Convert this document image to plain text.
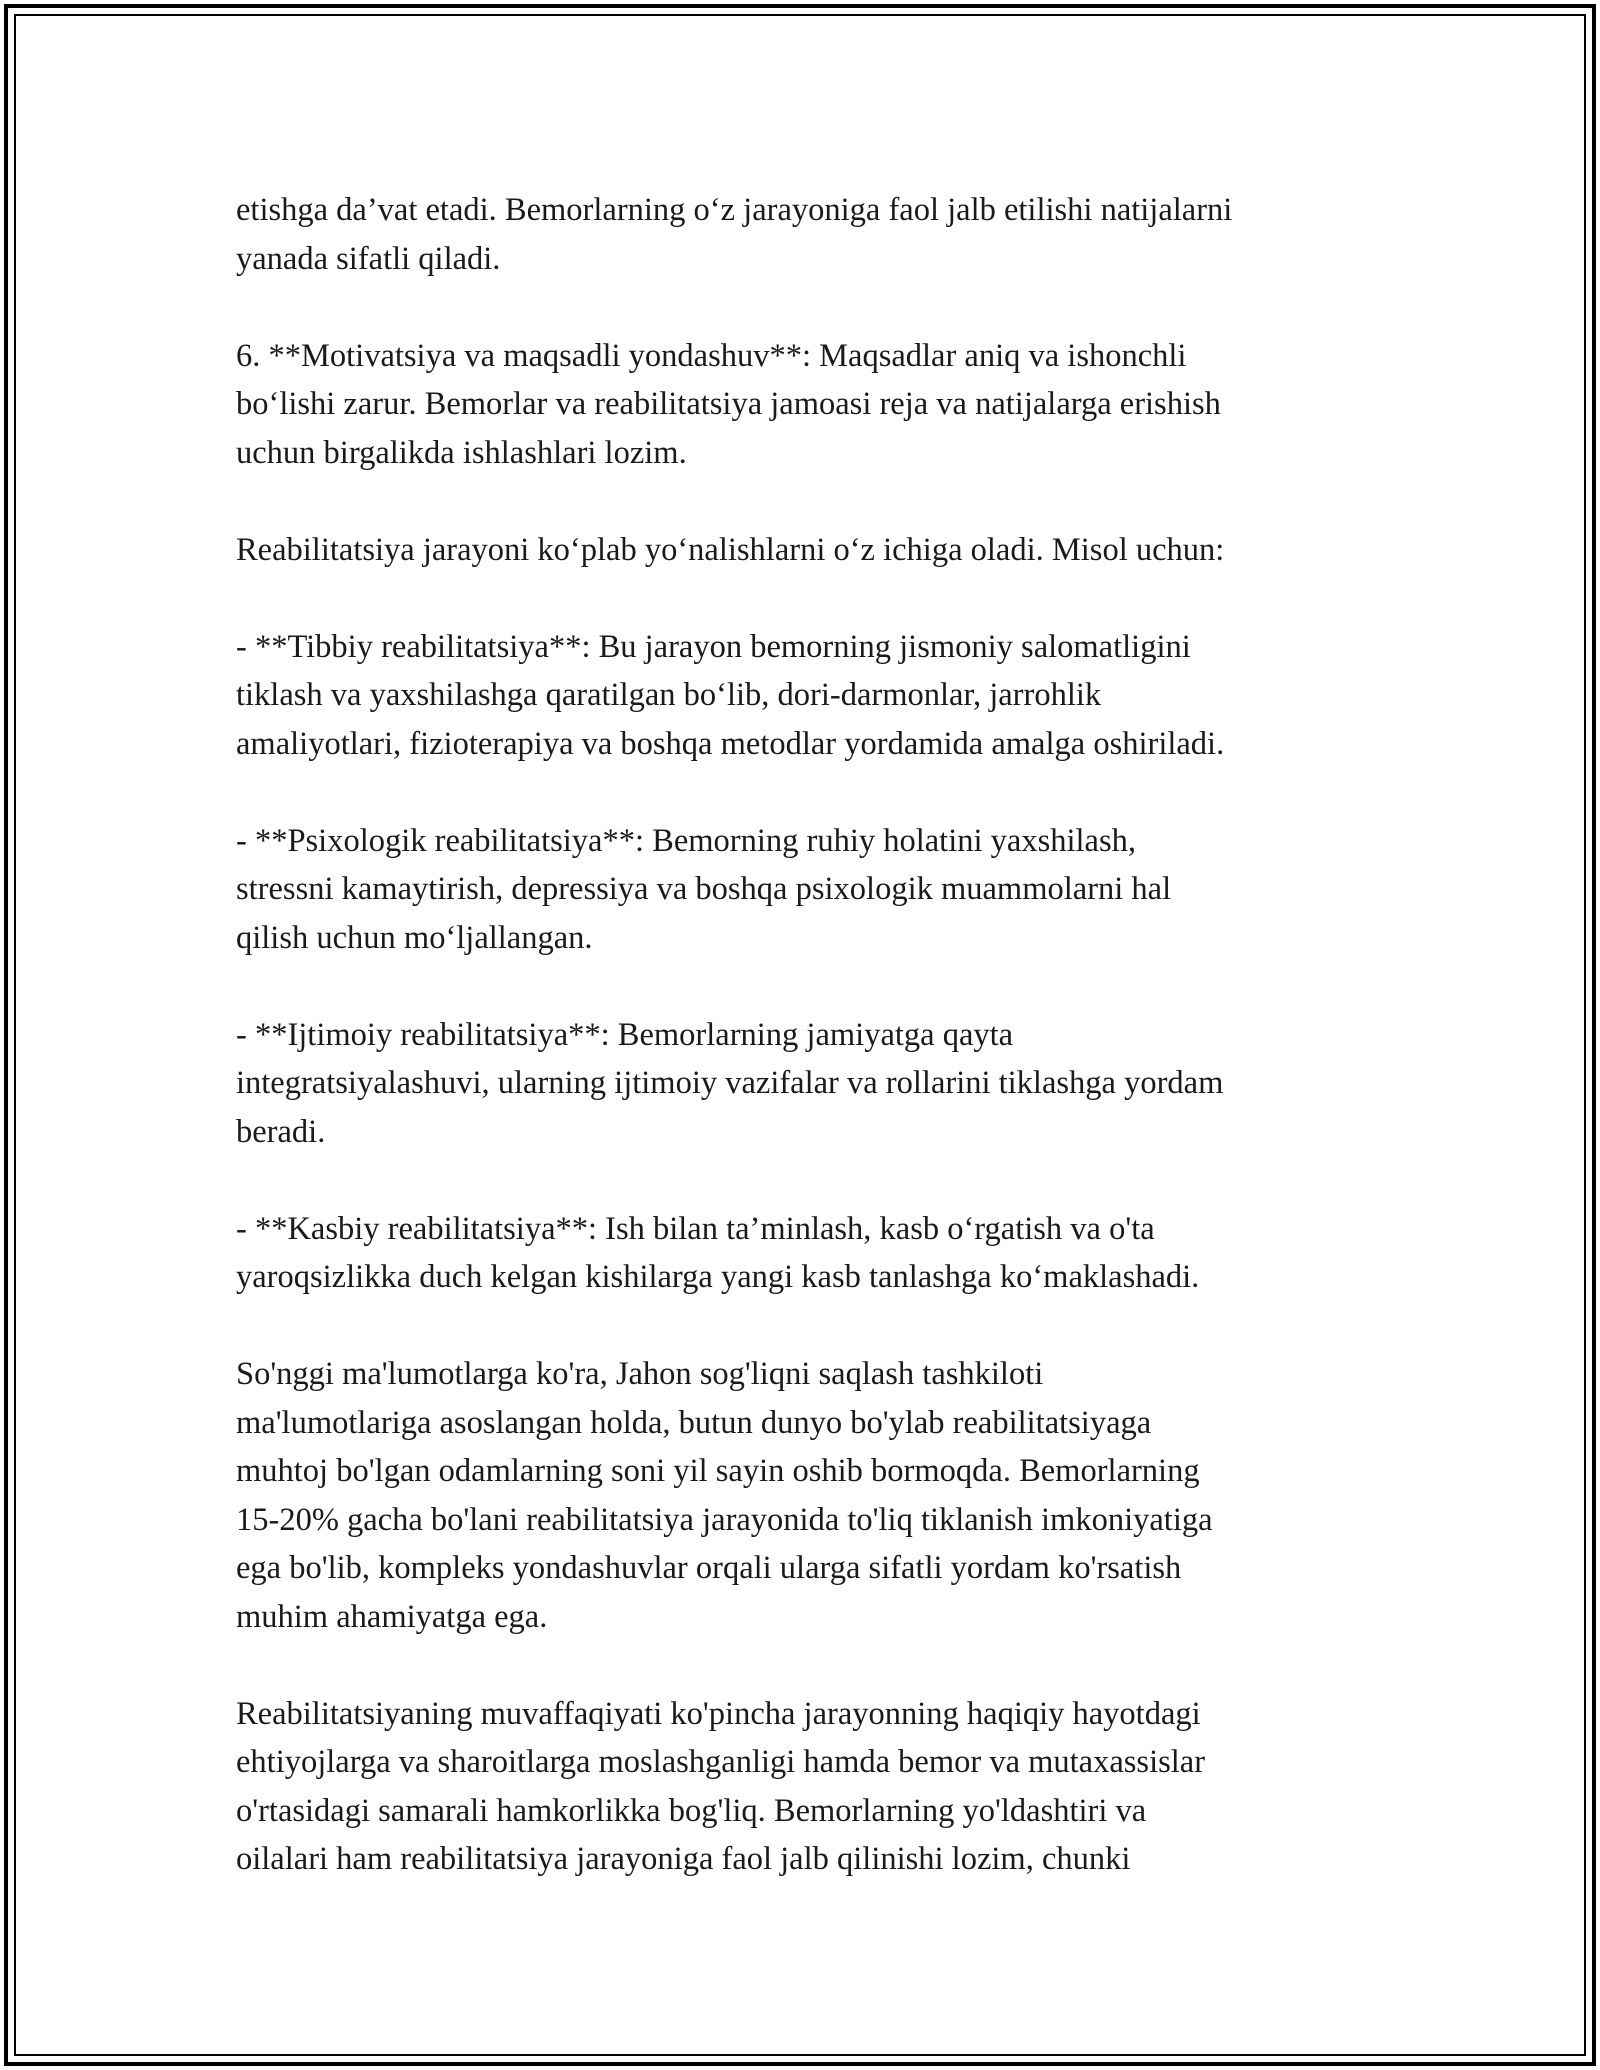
etishga da’vat etadi. Bemorlarning o‘z jarayoniga faol jalb etilishi natijalarni
yanada sifatli qiladi.

6. **Motivatsiya va maqsadli yondashuv**: Maqsadlar aniq va ishonchli
bo‘lishi zarur. Bemorlar va reabilitatsiya jamoasi reja va natijalarga erishish
uchun birgalikda ishlashlari lozim.

Reabilitatsiya jarayoni ko‘plab yo‘nalishlarni o‘z ichiga oladi. Misol uchun:

- **Tibbiy reabilitatsiya**: Bu jarayon bemorning jismoniy salomatligini
tiklash va yaxshilashga qaratilgan bo‘lib, dori-darmonlar, jarrohlik
amaliyotlari, fizioterapiya va boshqa metodlar yordamida amalga oshiriladi.

- **Psixologik reabilitatsiya**: Bemorning ruhiy holatini yaxshilash,
stressni kamaytirish, depressiya va boshqa psixologik muammolarni hal
qilish uchun mo‘ljallangan.

- **Ijtimoiy reabilitatsiya**: Bemorlarning jamiyatga qayta
integratsiyalashuvi, ularning ijtimoiy vazifalar va rollarini tiklashga yordam
beradi.

- **Kasbiy reabilitatsiya**: Ish bilan ta’minlash, kasb o‘rgatish va o'ta
yaroqsizlikka duch kelgan kishilarga yangi kasb tanlashga ko‘maklashadi.

So'nggi ma'lumotlarga ko'ra, Jahon sog'liqni saqlash tashkiloti
ma'lumotlariga asoslangan holda, butun dunyo bo'ylab reabilitatsiyaga
muhtoj bo'lgan odamlarning soni yil sayin oshib bormoqda. Bemorlarning
15-20% gacha bo'lani reabilitatsiya jarayonida to'liq tiklanish imkoniyatiga
ega bo'lib, kompleks yondashuvlar orqali ularga sifatli yordam ko'rsatish
muhim ahamiyatga ega.

Reabilitatsiyaning muvaffaqiyati ko'pincha jarayonning haqiqiy hayotdagi
ehtiyojlarga va sharoitlarga moslashganligi hamda bemor va mutaxassislar
o'rtasidagi samarali hamkorlikka bog'liq. Bemorlarning yo'ldashtiri va
oilalari ham reabilitatsiya jarayoniga faol jalb qilinishi lozim, chunki
